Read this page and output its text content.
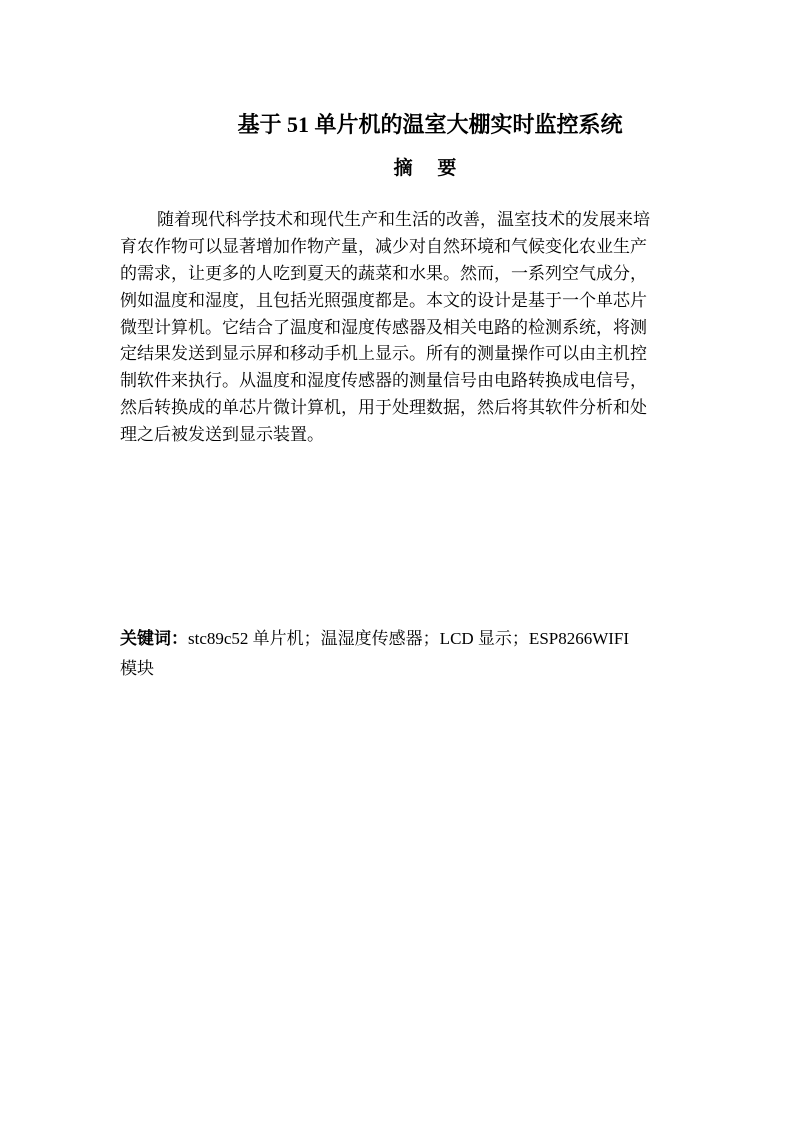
基于 51 单片机的温室大棚实时监控系统
摘 要
随着现代科学技术和现代生产和生活的改善，温室技术的发展来培
育农作物可以显著增加作物产量，减少对自然环境和气候变化农业生产
的需求，让更多的人吃到夏天的蔬菜和水果。然而，一系列空气成分，
例如温度和湿度，且包括光照强度都是。本文的设计是基于一个单芯片
微型计算机。它结合了温度和湿度传感器及相关电路的检测系统，将测
定结果发送到显示屏和移动手机上显示。所有的测量操作可以由主机控
制软件来执行。从温度和湿度传感器的测量信号由电路转换成电信号，
然后转换成的单芯片微计算机，用于处理数据，然后将其软件分析和处
理之后被发送到显示装置。
关键词：stc89c52 单片机；温湿度传感器；LCD 显示；ESP8266WIFI
模块
